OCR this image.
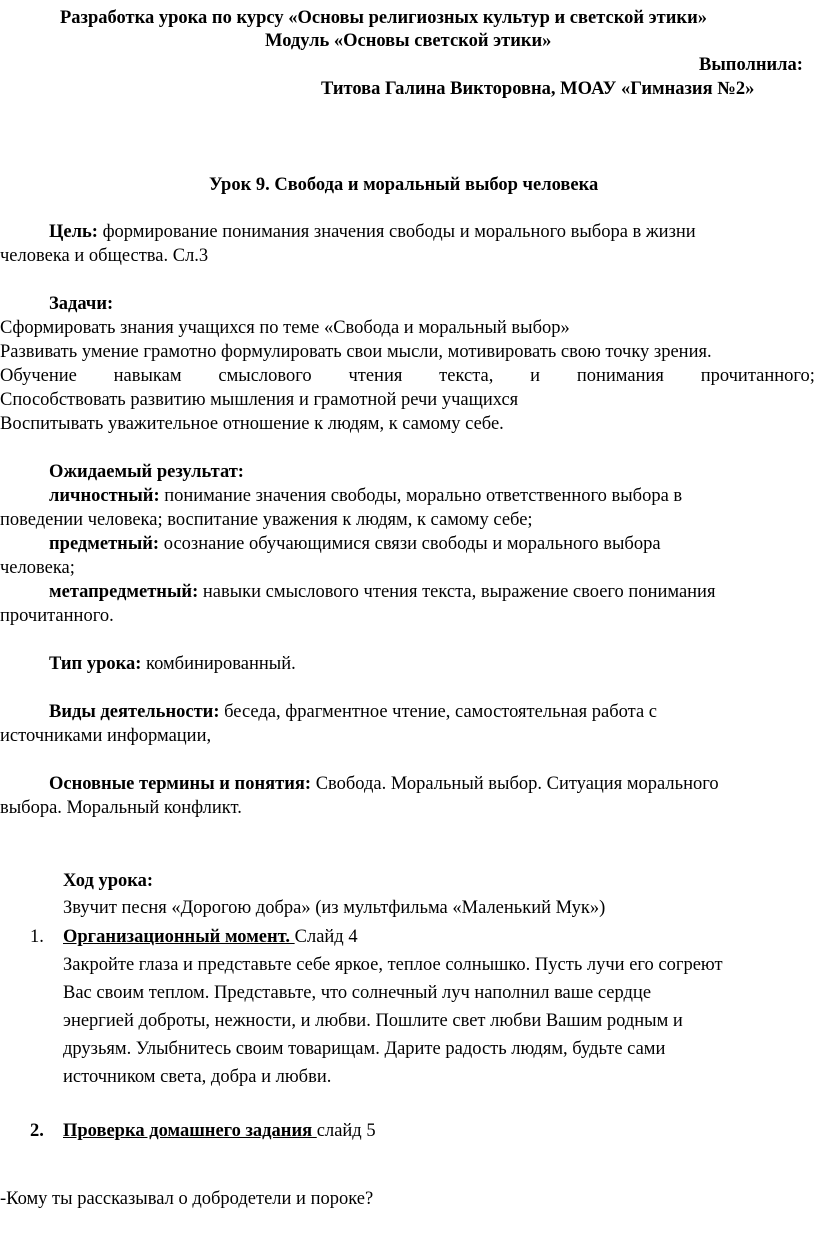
Разработка урока по курсу «Основы религиозных культур и светской этики»
Модуль «Основы светской этики»
Выполнила:
Титова Галина Викторовна, МОАУ «Гимназия №2»
Урок 9. Свобода и моральный выбор человека
Цель: формирование понимания значения свободы и морального выбора в жизни
человека и общества. Сл.3
Задачи:
Сформировать знания учащихся по теме «Свобода и моральный выбор»
Развивать умение грамотно формулировать свои мысли, мотивировать свою точку зрения.
Обучение навыкам смыслового чтения текста, и понимания прочитанного;
Способствовать развитию мышления и грамотной речи учащихся
Воспитывать уважительное отношение к людям, к самому себе.
Ожидаемый результат:
личностный: понимание значения свободы, морально ответственного выбора в
поведении человека; воспитание уважения к людям, к самому себе;
предметный: осознание обучающимися связи свободы и морального выбора
человека;
метапредметный: навыки смыслового чтения текста, выражение своего понимания
прочитанного.
Тип урока: комбинированный.
Виды деятельности: беседа, фрагментное чтение, самостоятельная работа с
источниками информации,
Основные термины и понятия: Свобода. Моральный выбор. Ситуация морального
выбора. Моральный конфликт.
Ход урока:
Звучит песня «Дорогою добра» (из мультфильма «Маленький Мук»)
1. Организационный момент. Слайд 4
Закройте глаза и представьте себе яркое, теплое солнышко. Пусть лучи его согреют
Вас своим теплом. Представьте, что солнечный луч наполнил ваше сердце
энергией доброты, нежности, и любви. Пошлите свет любви Вашим родным и
друзьям. Улыбнитесь своим товарищам. Дарите радость людям, будьте сами
источником света, добра и любви.
2. Проверка домашнего задания слайд 5
-Кому ты рассказывал о добродетели и пороке?
